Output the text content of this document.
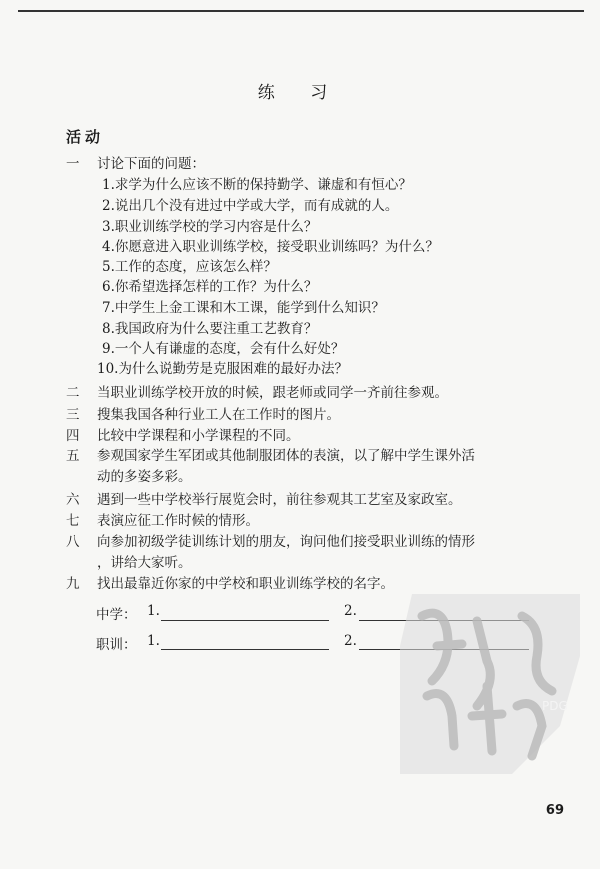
练 习
活动
一 讨论下面的问题：
1.求学为什么应该不断的保持勤学、谦虚和有恒心？
2.说出几个没有进过中学或大学，而有成就的人。
3.职业训练学校的学习内容是什么？
4.你愿意进入职业训练学校，接受职业训练吗？为什么？
5.工作的态度，应该怎么样？
6.你希望选择怎样的工作？为什么？
7.中学生上金工课和木工课，能学到什么知识？
8.我国政府为什么要注重工艺教育？
9.一个人有谦虚的态度，会有什么好处？
10.为什么说勤劳是克服困难的最好办法？
二 当职业训练学校开放的时候，跟老师或同学一齐前往参观。
三 搜集我国各种行业工人在工作时的图片。
四 比较中学课程和小学课程的不同。
五 参观国家学生军团或其他制服团体的表演，以了解中学生课外活
动的多姿多彩。
六 遇到一些中学校举行展览会时，前往参观其工艺室及家政室。
七 表演应征工作时候的情形。
八 向参加初级学徒训练计划的朋友，询问他们接受职业训练的情形
，讲给大家听。
九 找出最靠近你家的中学校和职业训练学校的名字。
中学： 1.	2.
职训： 1.	2.
PDG
69
